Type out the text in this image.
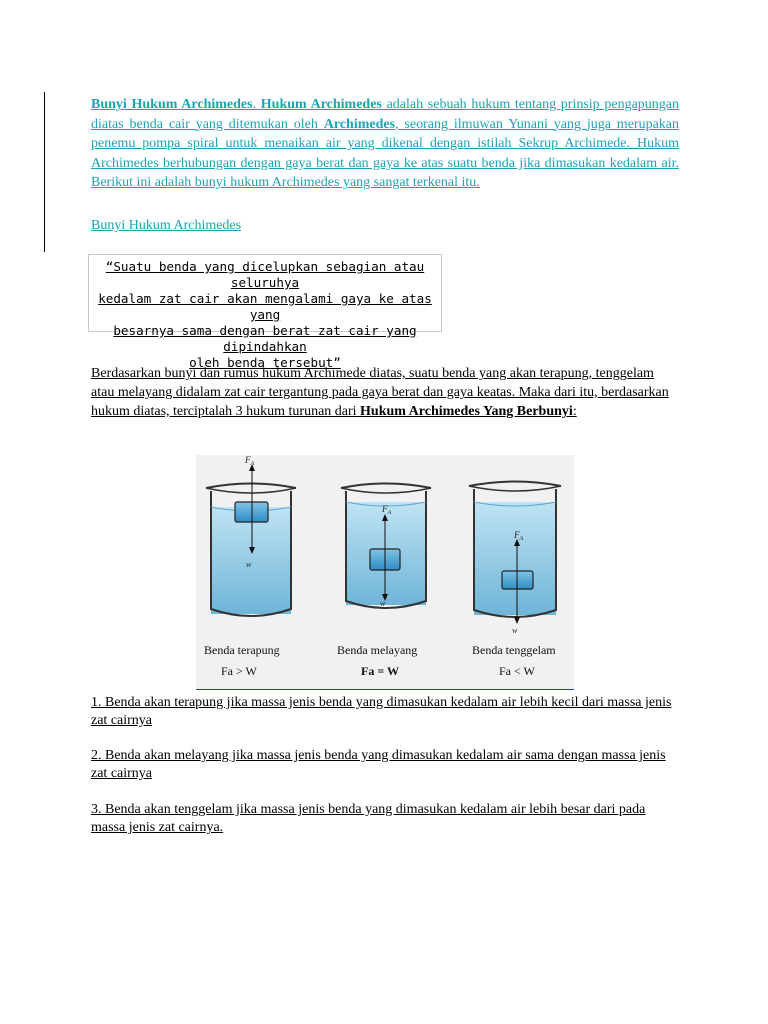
Bunyi Hukum Archimedes. Hukum Archimedes adalah sebuah hukum tentang prinsip pengapungan diatas benda cair yang ditemukan oleh Archimedes, seorang ilmuwan Yunani yang juga merupakan penemu pompa spiral untuk menaikan air yang dikenal dengan istilah Sekrup Archimede. Hukum Archimedes berhubungan dengan gaya berat dan gaya ke atas suatu benda jika dimasukan kedalam air. Berikut ini adalah bunyi hukum Archimedes yang sangat terkenal itu.

Bunyi Hukum Archimedes
“Suatu benda yang dicelupkan sebagian atau seluruhya
kedalam zat cair akan mengalami gaya ke atas yang
besarnya sama dengan berat zat cair yang dipindahkan
oleh benda tersebut”
Berdasarkan bunyi dan rumus hukum Archimede diatas, suatu benda yang akan terapung, tenggelam atau melayang didalam zat cair tergantung pada gaya berat dan gaya keatas. Maka dari itu, berdasarkan hukum diatas, terciptalah 3 hukum turunan dari Hukum Archimedes Yang Berbunyi:
$F_A$
w
$F_A$
w
$F_A$
w
Benda terapung
Fa > W
Benda melayang
Fa = W
Benda tenggelam
Fa < W
1. Benda akan terapung jika massa jenis benda yang dimasukan kedalam air lebih kecil dari massa jenis zat cairnya
2. Benda akan melayang jika massa jenis benda yang dimasukan kedalam air sama dengan massa jenis zat cairnya
3. Benda akan tenggelam jika massa jenis benda yang dimasukan kedalam air lebih besar dari pada massa jenis zat cairnya.
